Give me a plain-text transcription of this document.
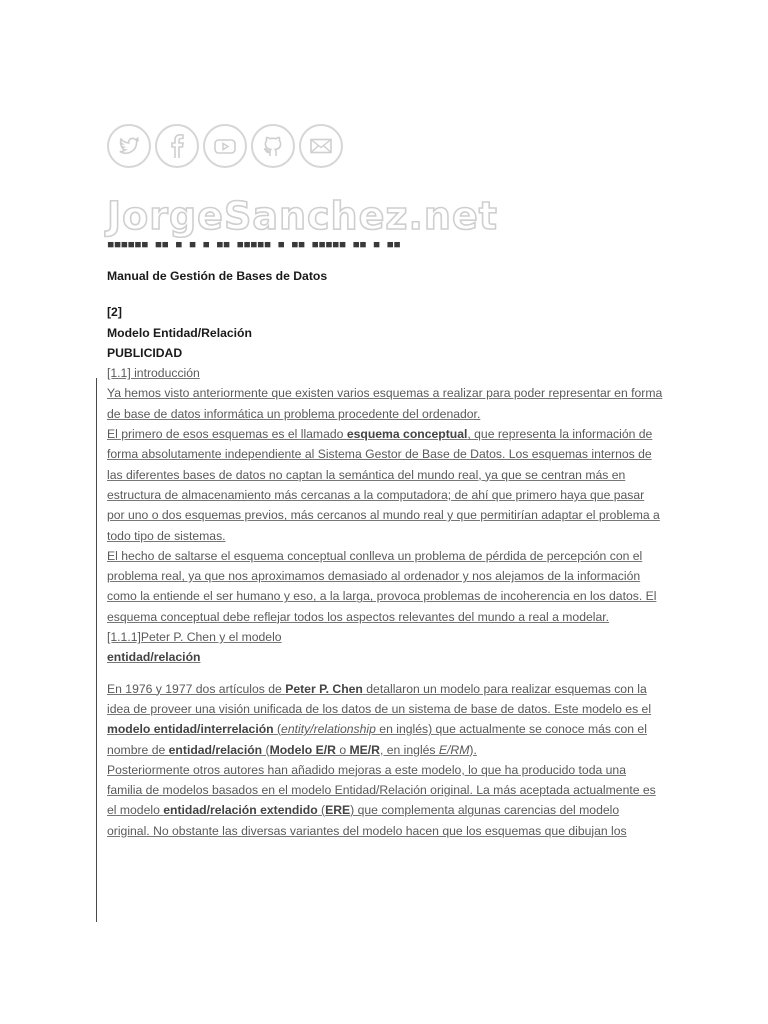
JorgeSanchez.net
▄▄▄▄▄▄ ▄▄ ▄ ▄ ▄ ▄▄ ▄▄▄▄▄ ▄ ▄▄ ▄▄▄▄▄ ▄▄ ▄ ▄▄

Manual de Gestión de Bases de Datos

[2]

Modelo Entidad/Relación

PUBLICIDAD

[1.1] introducción

Ya hemos visto anteriormente que existen varios esquemas a realizar para poder representar en forma de base de datos informática un problema procedente del ordenador.

El primero de esos esquemas es el llamado esquema conceptual, que representa la información de forma absolutamente independiente al Sistema Gestor de Base de Datos. Los esquemas internos de las diferentes bases de datos no captan la semántica del mundo real, ya que se centran más en estructura de almacenamiento más cercanas a la computadora; de ahí que primero haya que pasar por uno o dos esquemas previos, más cercanos al mundo real y que permitirían adaptar el problema a todo tipo de sistemas.

El hecho de saltarse el esquema conceptual conlleva un problema de pérdida de percepción con el problema real, ya que nos aproximamos demasiado al ordenador y nos alejamos de la información como la entiende el ser humano y eso, a la larga, provoca problemas de incoherencia en los datos. El esquema conceptual debe reflejar todos los aspectos relevantes del mundo a real a modelar.

[1.1.1]Peter P. Chen y el modelo
entidad/relación

En 1976 y 1977 dos artículos de Peter P. Chen detallaron un modelo para realizar esquemas con la idea de proveer una visión unificada de los datos de un sistema de base de datos. Este modelo es el modelo entidad/interrelación (entity/relationship en inglés) que actualmente se conoce más con el nombre de entidad/relación (Modelo E/R o ME/R, en inglés E/RM).

Posteriormente otros autores han añadido mejoras a este modelo, lo que ha producido toda una familia de modelos basados en el modelo Entidad/Relación original. La más aceptada actualmente es el modelo entidad/relación extendido (ERE) que complementa algunas carencias del modelo original. No obstante las diversas variantes del modelo hacen que los esquemas que dibujan los
